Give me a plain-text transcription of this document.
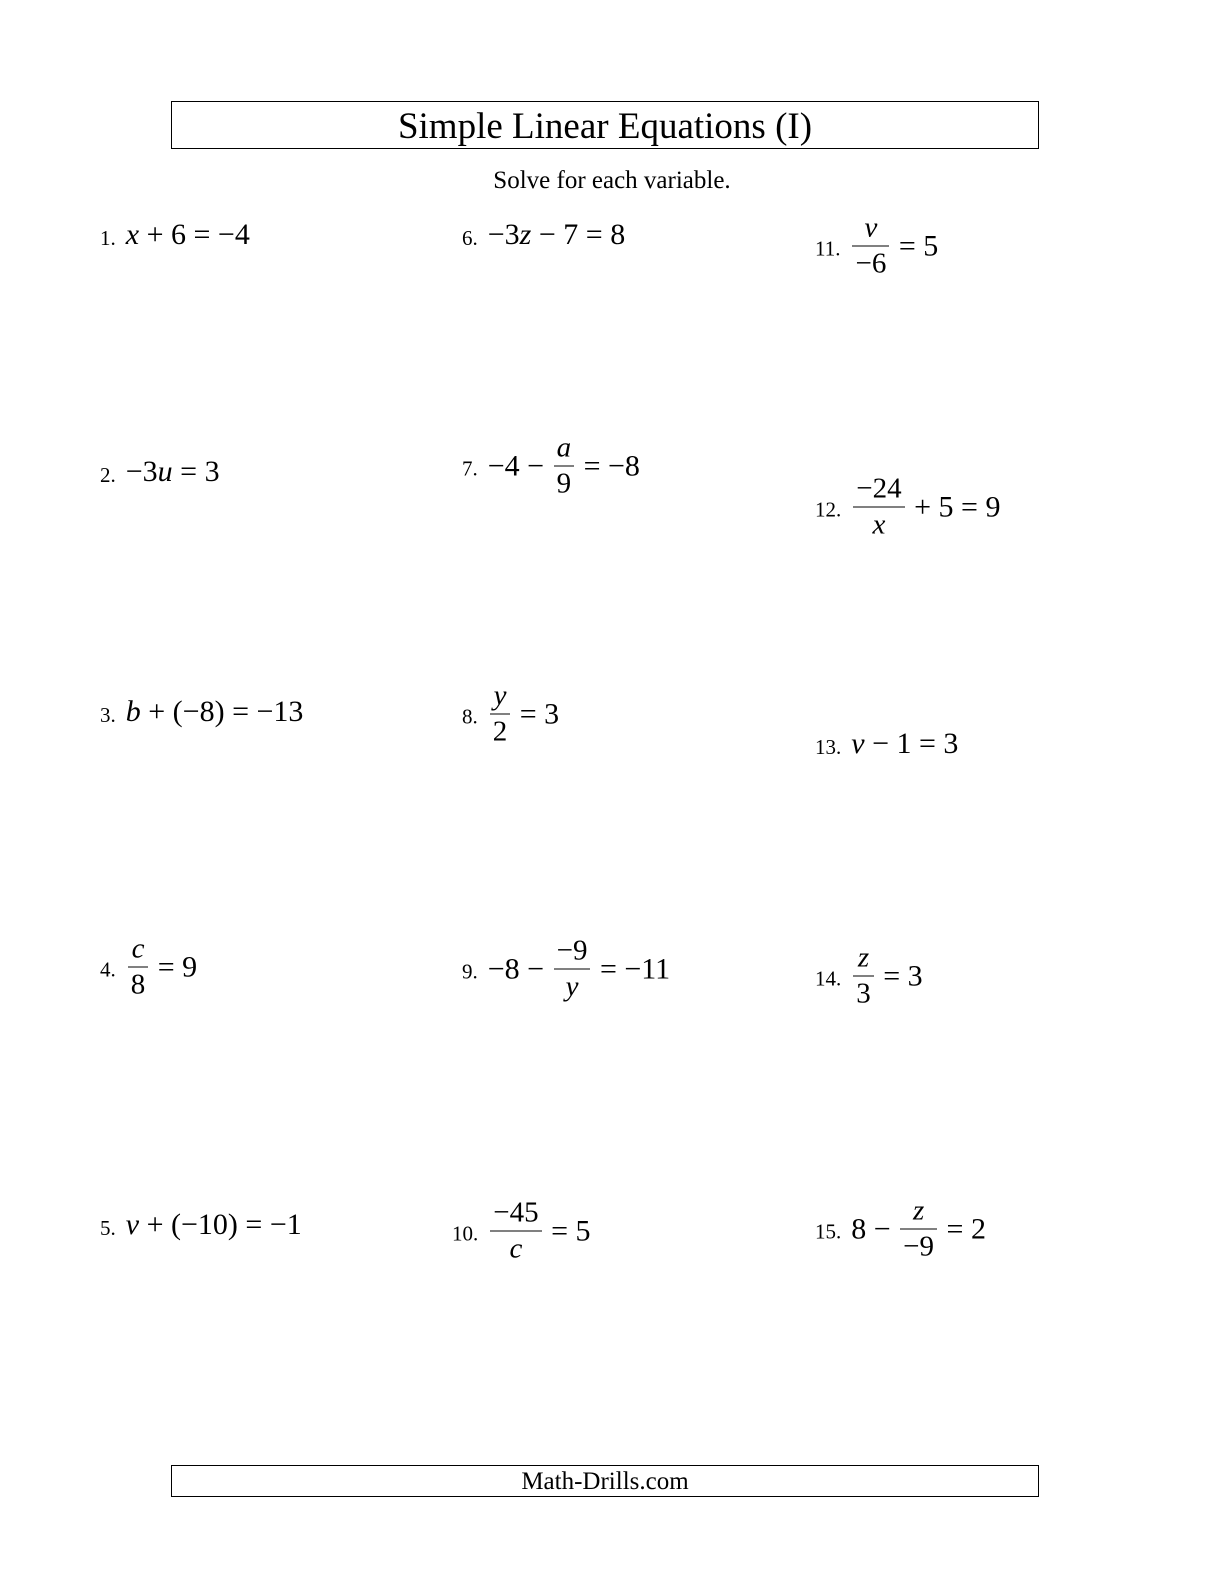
Simple Linear Equations (I)
Solve for each variable.
1. x + 6 = −4
2. −3 u = 3
3. b + (−8) = −13
4. $\frac{c}{8} = 9$
5. v + (−10) = −1
6. −3 z − 7 = 8
7. $-4 - \frac{a}{9} = -8$
8. $\frac{y}{2} = 3$
9. $-8 - \frac{-9}{y} = -11$
10. $\frac{-45}{c} = 5$
11. $\frac{v}{-6} = 5$
12. $\frac{-24}{x} + 5 = 9$
13. v − 1 = 3
14. $\frac{z}{3} = 3$
15. $8 - \frac{z}{-9} = 2$
Math-Drills.com
